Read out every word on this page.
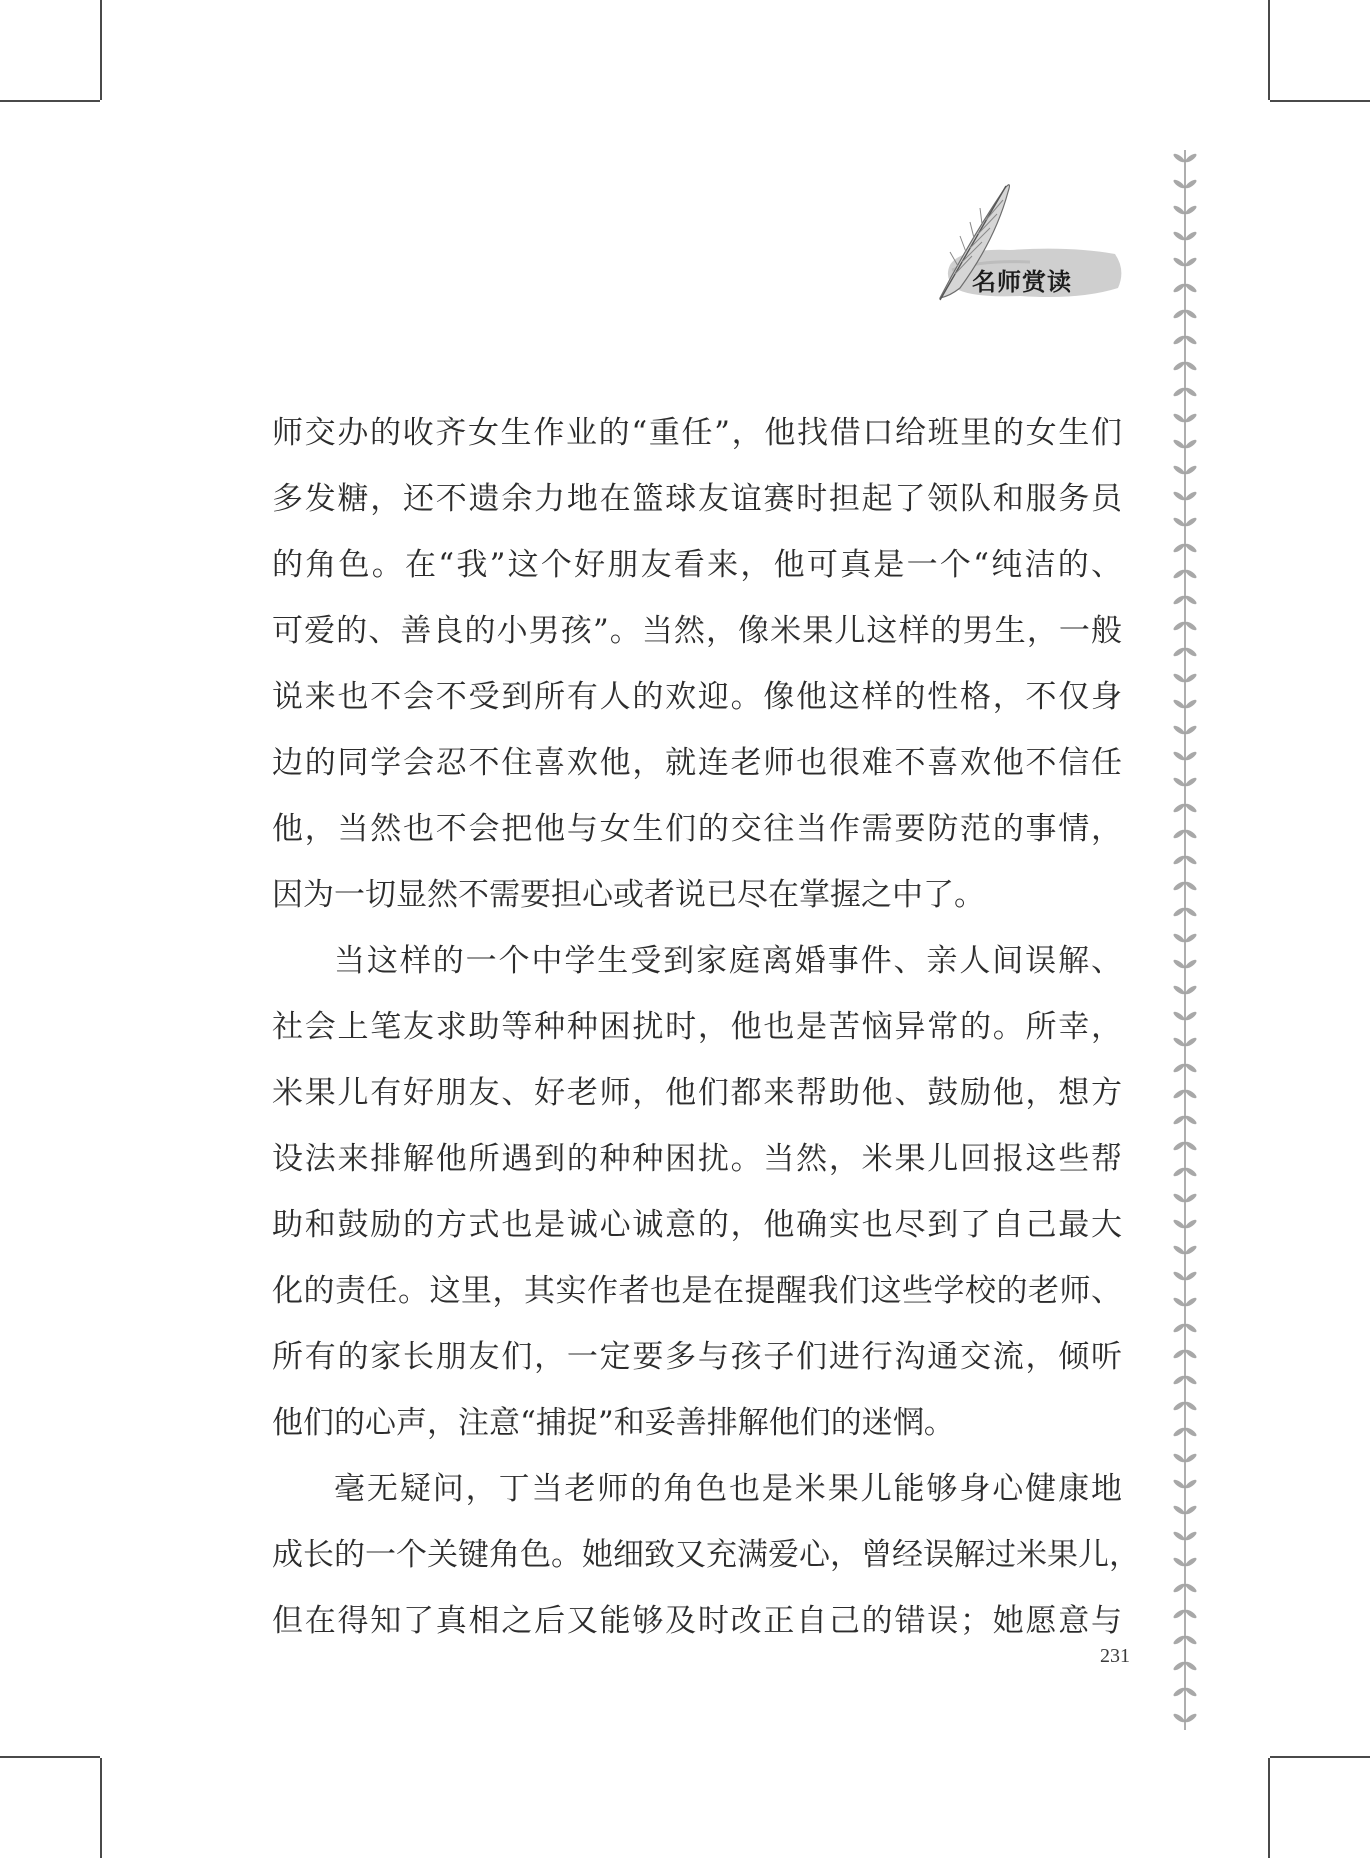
名师赏读
师交办的收齐女生作业的“重任”，他找借口给班里的女生们
多发糖，还不遗余力地在篮球友谊赛时担起了领队和服务员
的角色。在“我”这个好朋友看来，他可真是一个“纯洁的、
可爱的、善良的小男孩”。当然，像米果儿这样的男生，一般
说来也不会不受到所有人的欢迎。像他这样的性格，不仅身
边的同学会忍不住喜欢他，就连老师也很难不喜欢他不信任
他，当然也不会把他与女生们的交往当作需要防范的事情，
因为一切显然不需要担心或者说已尽在掌握之中了。
当这样的一个中学生受到家庭离婚事件、亲人间误解、
社会上笔友求助等种种困扰时，他也是苦恼异常的。所幸，
米果儿有好朋友、好老师，他们都来帮助他、鼓励他，想方
设法来排解他所遇到的种种困扰。当然，米果儿回报这些帮
助和鼓励的方式也是诚心诚意的，他确实也尽到了自己最大
化的责任。这里，其实作者也是在提醒我们这些学校的老师、
所有的家长朋友们，一定要多与孩子们进行沟通交流，倾听
他们的心声，注意“捕捉”和妥善排解他们的迷惘。
毫无疑问，丁当老师的角色也是米果儿能够身心健康地
成长的一个关键角色。她细致又充满爱心，曾经误解过米果儿，
但在得知了真相之后又能够及时改正自己的错误；她愿意与
231
